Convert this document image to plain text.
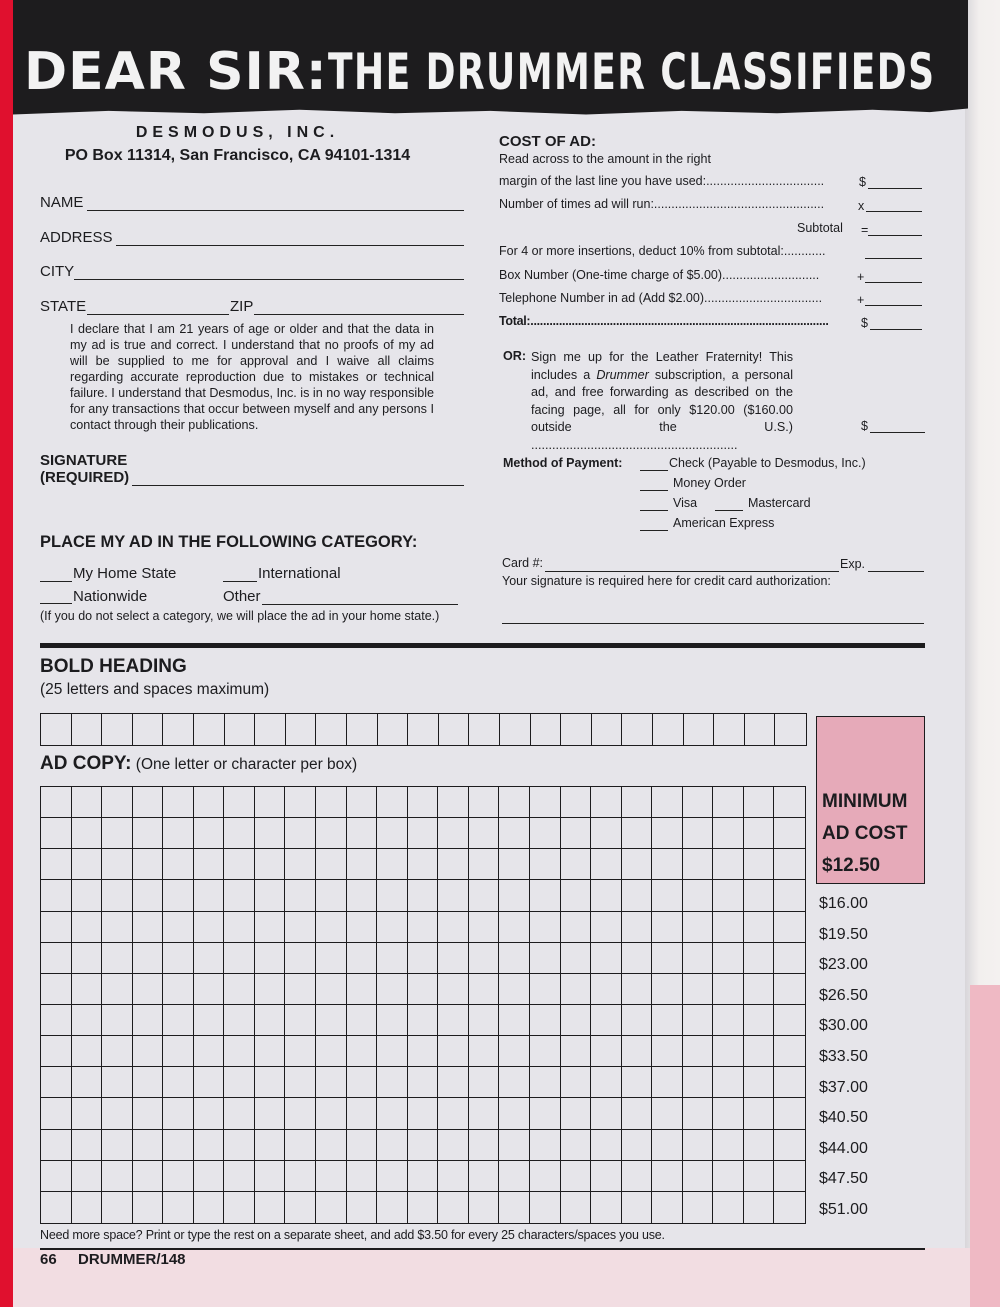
DEAR SIR:THE DRUMMER CLASSIFIEDS
DESMODUS, INC.
PO Box 11314, San Francisco, CA 94101-1314
NAME
ADDRESS
CITY
STATE	ZIP
I declare that I am 21 years of age or older and that the data in my ad is true and correct. I understand that no proofs of my ad will be supplied to me for approval and I waive all claims regarding accurate reproduction due to mistakes or technical failure. I understand that Desmodus, Inc. is in no way responsible for any transactions that occur between myself and any persons I contact through their publications.
SIGNATURE
(REQUIRED)
PLACE MY AD IN THE FOLLOWING CATEGORY:
My Home State	International
Nationwide	Other
(If you do not select a category, we will place the ad in your home state.)
COST OF AD:
Read across to the amount in the right
margin of the last line you have used:..................................	$
Number of times ad will run:.................................................	x
Subtotal =
For 4 or more insertions, deduct 10% from subtotal:............
Box Number (One-time charge of $5.00)............................	+
Telephone Number in ad (Add $2.00)..................................	+
Total:..............................................................................................	$
OR: Sign me up for the Leather Fraternity! This includes a Drummer subscription, a personal ad, and free forwarding as described on the facing page, all for only $120.00 ($160.00 outside the U.S.) ...........................................................
$
Method of Payment:	Check (Payable to Desmodus, Inc.)
Money Order
Visa	Mastercard
American Express
Card #:	Exp.
Your signature is required here for credit card authorization:
BOLD HEADING
(25 letters and spaces maximum)
AD COPY: (One letter or character per box)
MINIMUM
AD COST
$12.50
$16.00
$19.50
$23.00
$26.50
$30.00
$33.50
$37.00
$40.50
$44.00
$47.50
$51.00
Need more space? Print or type the rest on a separate sheet, and add $3.50 for every 25 characters/spaces you use.
66 DRUMMER/148
